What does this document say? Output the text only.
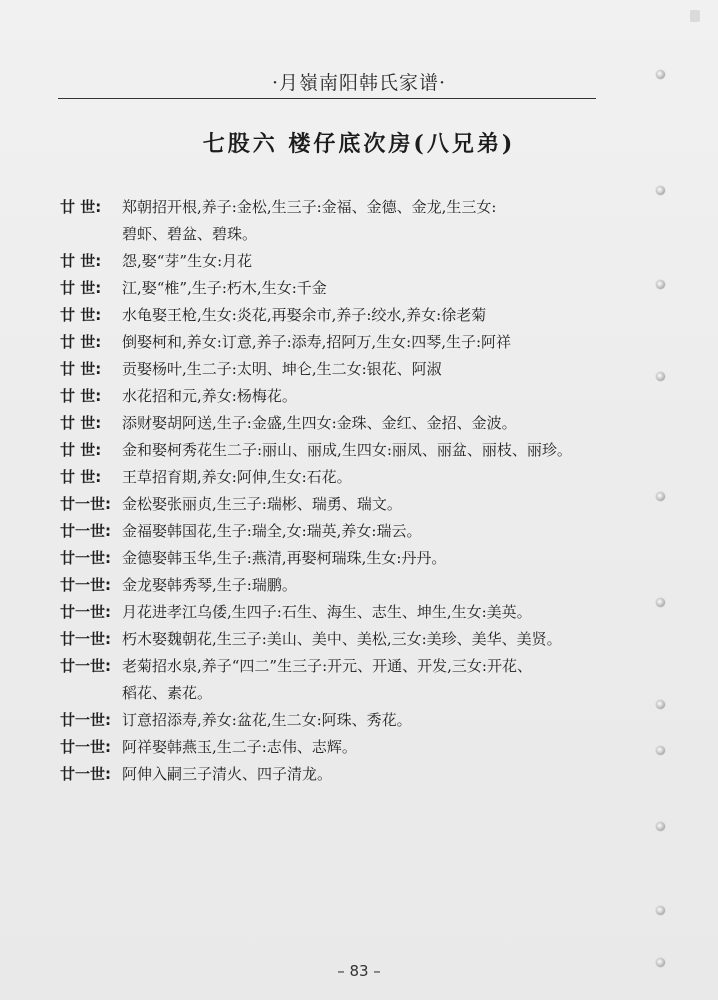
·月嶺南阳韩氏家谱·
七股六 楼仔底次房(八兄弟)
廿 世:	郑朝招开根,养子:金松,生三子:金福、金德、金龙,生三女:
碧虾、碧盆、碧珠。
廿 世:	怨,娶“芽”生女:月花
廿 世:	江,娶“椎”,生子:朽木,生女:千金
廿 世:	水龟娶王枪,生女:炎花,再娶余市,养子:绞水,养女:徐老菊
廿 世:	倒娶柯和,养女:订意,养子:添寿,招阿万,生女:四琴,生子:阿祥
廿 世:	贡娶杨叶,生二子:太明、坤仑,生二女:银花、阿淑
廿 世:	水花招和元,养女:杨梅花。
廿 世:	添财娶胡阿送,生子:金盛,生四女:金珠、金红、金招、金波。
廿 世:	金和娶柯秀花生二子:丽山、丽成,生四女:丽凤、丽盆、丽枝、丽珍。
廿 世:	王草招育期,养女:阿伸,生女:石花。
廿一世: 金松娶张丽贞,生三子:瑞彬、瑞勇、瑞文。
廿一世: 金福娶韩国花,生子:瑞全,女:瑞英,养女:瑞云。
廿一世: 金德娶韩玉华,生子:燕清,再娶柯瑞珠,生女:丹丹。
廿一世: 金龙娶韩秀琴,生子:瑞鹏。
廿一世: 月花进孝江乌倭,生四子:石生、海生、志生、坤生,生女:美英。
廿一世: 朽木娶魏朝花,生三子:美山、美中、美松,三女:美珍、美华、美贤。
廿一世: 老菊招水泉,养子“四二”生三子:开元、开通、开发,三女:开花、
稻花、素花。
廿一世: 订意招添寿,养女:盆花,生二女:阿珠、秀花。
廿一世: 阿祥娶韩燕玉,生二子:志伟、志辉。
廿一世: 阿伸入嗣三子清火、四子清龙。
– 83 –
